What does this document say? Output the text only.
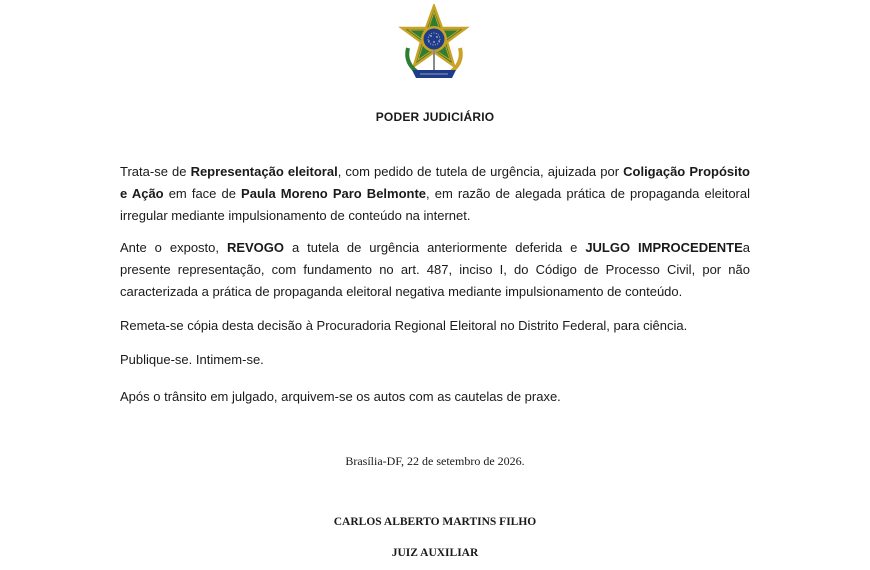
PODER JUDICIÁRIO

Trata-se de Representação eleitoral, com pedido de tutela de urgência, ajuizada por Coligação Propósito e Ação em face de Paula Moreno Paro Belmonte, em razão de alegada prática de propaganda eleitoral irregular mediante impulsionamento de conteúdo na internet.

Ante o exposto, REVOGO a tutela de urgência anteriormente deferida e JULGO IMPROCEDENTEa presente representação, com fundamento no art. 487, inciso I, do Código de Processo Civil, por não caracterizada a prática de propaganda eleitoral negativa mediante impulsionamento de conteúdo.

Remeta-se cópia desta decisão à Procuradoria Regional Eleitoral no Distrito Federal, para ciência.

Publique-se. Intimem-se.

Após o trânsito em julgado, arquivem-se os autos com as cautelas de praxe.

Brasília-DF, 22 de setembro de 2026.
CARLOS ALBERTO MARTINS FILHO
JUIZ AUXILIAR
